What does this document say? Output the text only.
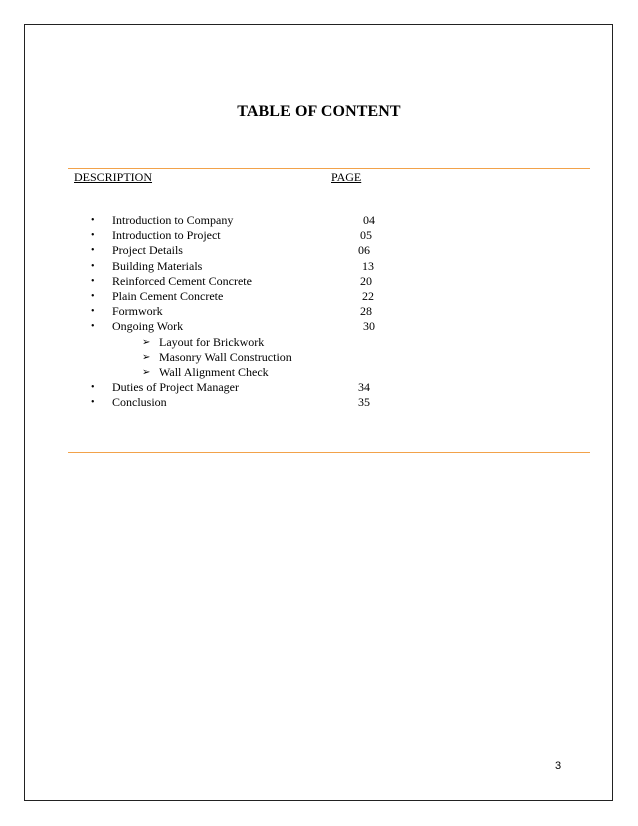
TABLE OF CONTENT
DESCRIPTION	PAGE
• Introduction to Company	04
• Introduction to Project	05
• Project Details	06
• Building Materials	13
• Reinforced Cement Concrete	20
• Plain Cement Concrete	22
• Formwork	28
• Ongoing Work	30
➢ Layout for Brickwork
➢ Masonry Wall Construction
➢ Wall Alignment Check
• Duties of Project Manager	34
• Conclusion	35
3
